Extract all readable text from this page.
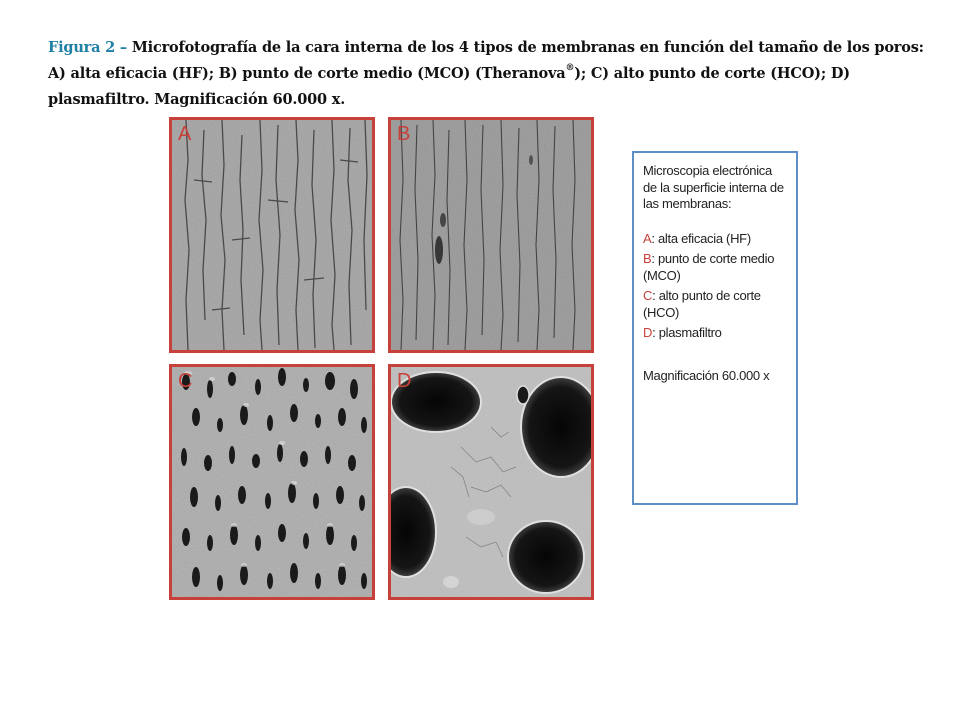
Figura 2 – Microfotografía de la cara interna de los 4 tipos de membranas en función del tamaño de los poros: A) alta eficacia (HF); B) punto de corte medio (MCO) (Theranova®); C) alto punto de corte (HCO); D) plasmafiltro. Magnificación 60.000 x.
A	B
C	D

Microscopia electrónica de la superficie interna de las membranas:

A: alta eficacia (HF)

B: punto de corte medio (MCO)

C: alto punto de corte (HCO)

D: plasmafiltro

Magnificación 60.000 x
